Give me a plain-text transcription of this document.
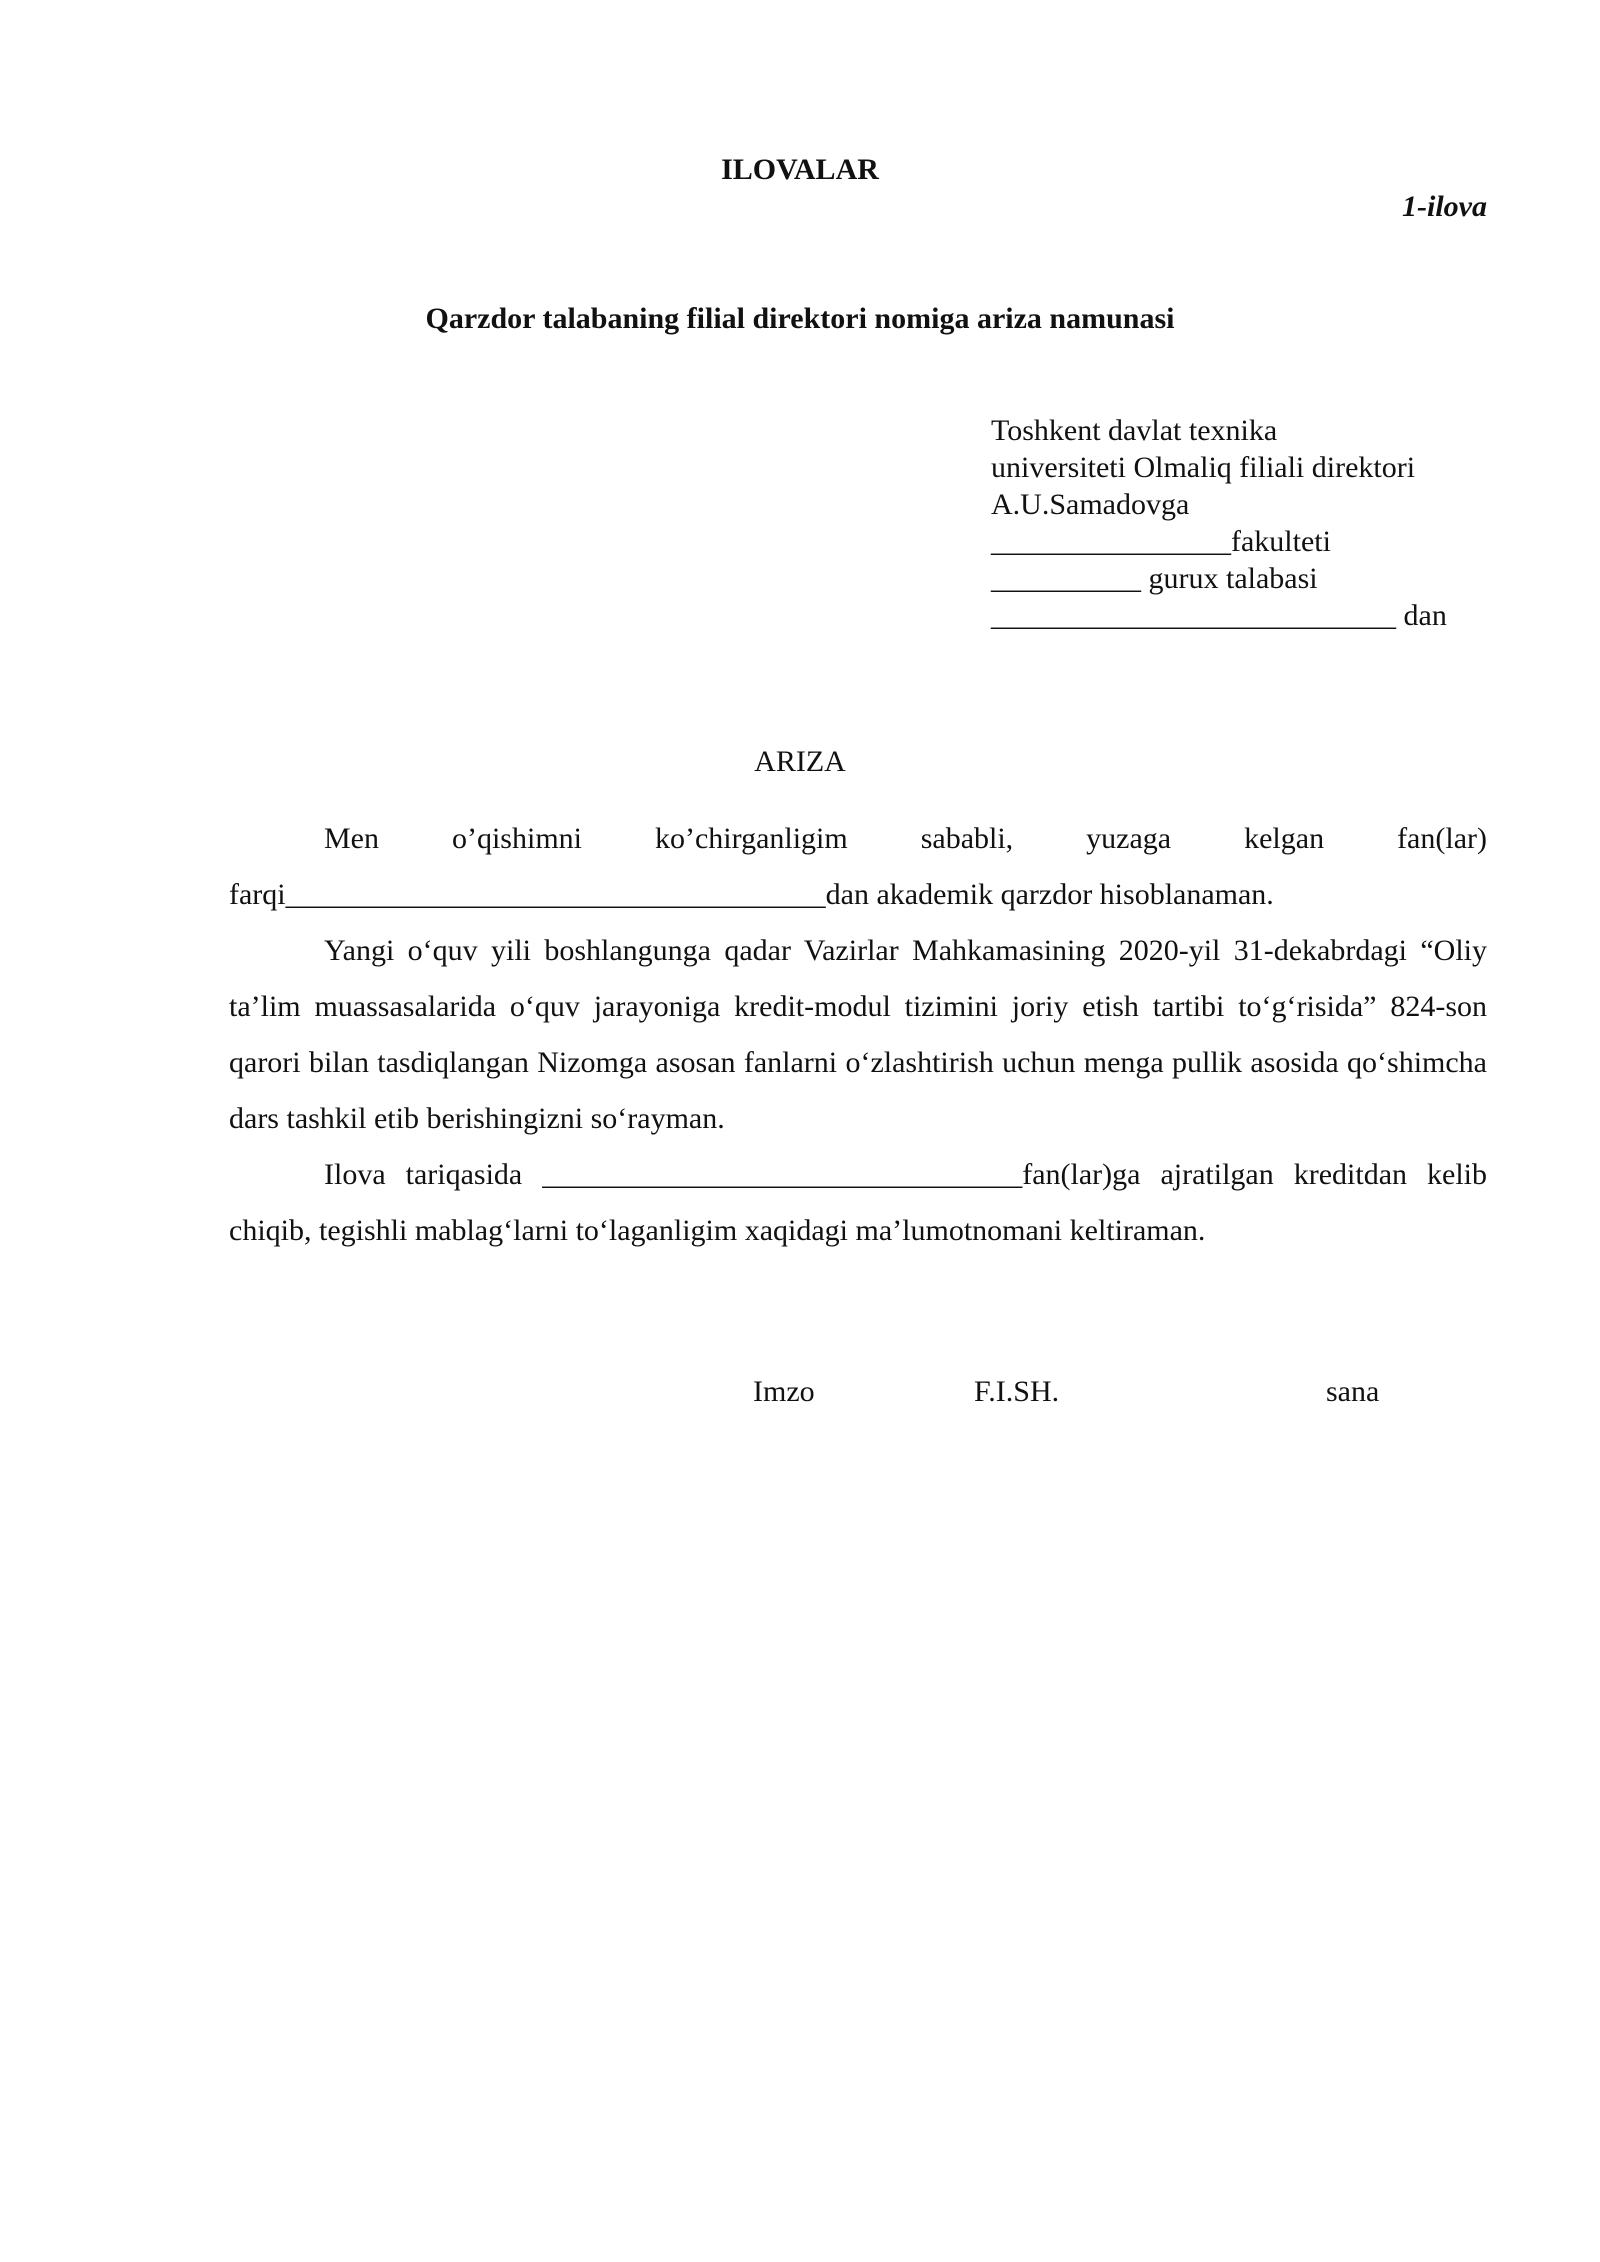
ILOVALAR
1-ilova
Qarzdor talabaning filial direktori nomiga ariza namunasi
Toshkent davlat texnika
universiteti Olmaliq filiali direktori
A.U.Samadovga
________________fakulteti
__________ gurux talabasi
___________________________ dan
ARIZA

Men o’qishimni ko’chirganligim sababli, yuzaga kelgan fan(lar)

farqi____________________________________dan akademik qarzdor hisoblanaman.

Yangi o‘quv yili boshlangunga qadar Vazirlar Mahkamasining 2020-yil 31-dekabrdagi “Oliy ta’lim muassasalarida o‘quv jarayoniga kredit-modul tizimini joriy etish tartibi to‘g‘risida” 824-son qarori bilan tasdiqlangan Nizomga asosan fanlarni o‘zlashtirish uchun menga pullik asosida qo‘shimcha dars tashkil etib berishingizni so‘rayman.

Ilova tariqasida ________________________________fan(lar)ga ajratilgan kreditdan kelib chiqib, tegishli mablag‘larni to‘laganligim xaqidagi ma’lumotnomani keltiraman.

Imzo	F.I.SH.	sana
